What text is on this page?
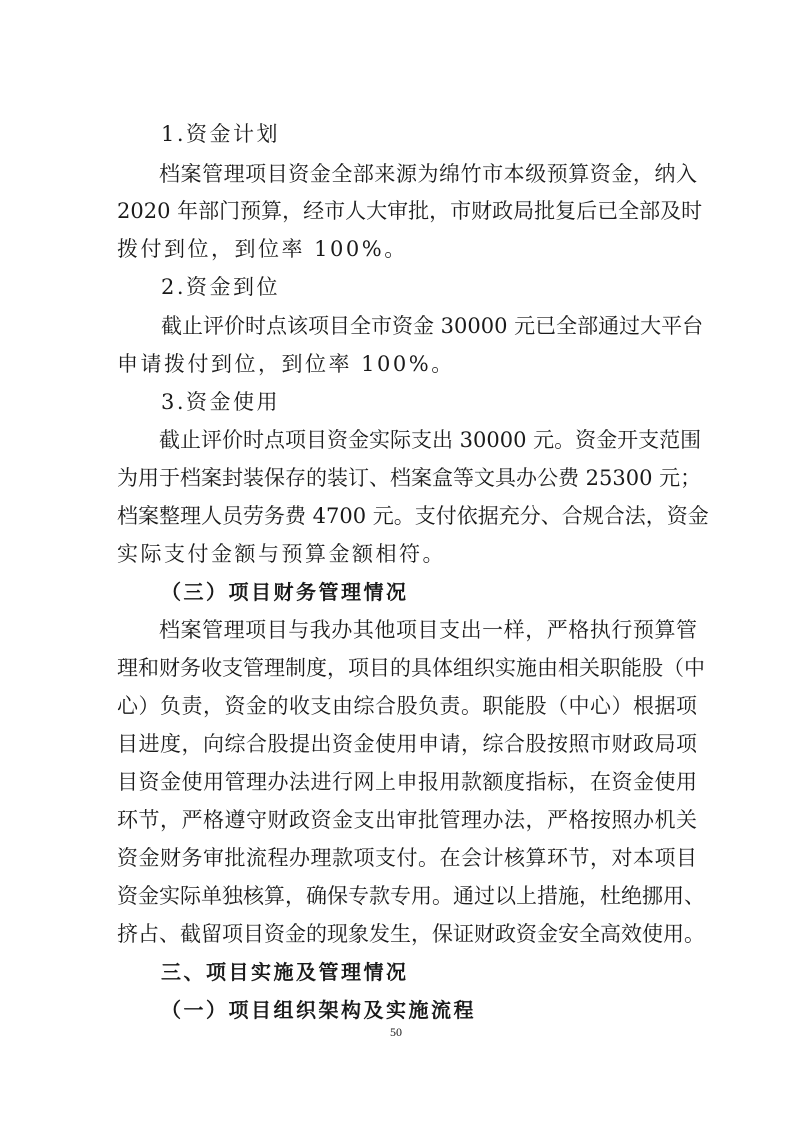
1.资金计划
档案管理项目资金全部来源为绵竹市本级预算资金，纳入
2020 年部门预算，经市人大审批，市财政局批复后已全部及时
拨付到位，到位率 100%。
2.资金到位
截止评价时点该项目全市资金 30000 元已全部通过大平台
申请拨付到位，到位率 100%。
3.资金使用
截止评价时点项目资金实际支出 30000 元。资金开支范围
为用于档案封装保存的装订、档案盒等文具办公费 25300 元；
档案整理人员劳务费 4700 元。支付依据充分、合规合法，资金
实际支付金额与预算金额相符。
（三）项目财务管理情况
档案管理项目与我办其他项目支出一样，严格执行预算管
理和财务收支管理制度，项目的具体组织实施由相关职能股（中
心）负责，资金的收支由综合股负责。职能股（中心）根据项
目进度，向综合股提出资金使用申请，综合股按照市财政局项
目资金使用管理办法进行网上申报用款额度指标，在资金使用
环节，严格遵守财政资金支出审批管理办法，严格按照办机关
资金财务审批流程办理款项支付。在会计核算环节，对本项目
资金实际单独核算，确保专款专用。通过以上措施，杜绝挪用、
挤占、截留项目资金的现象发生，保证财政资金安全高效使用。
三、项目实施及管理情况
（一）项目组织架构及实施流程
50
